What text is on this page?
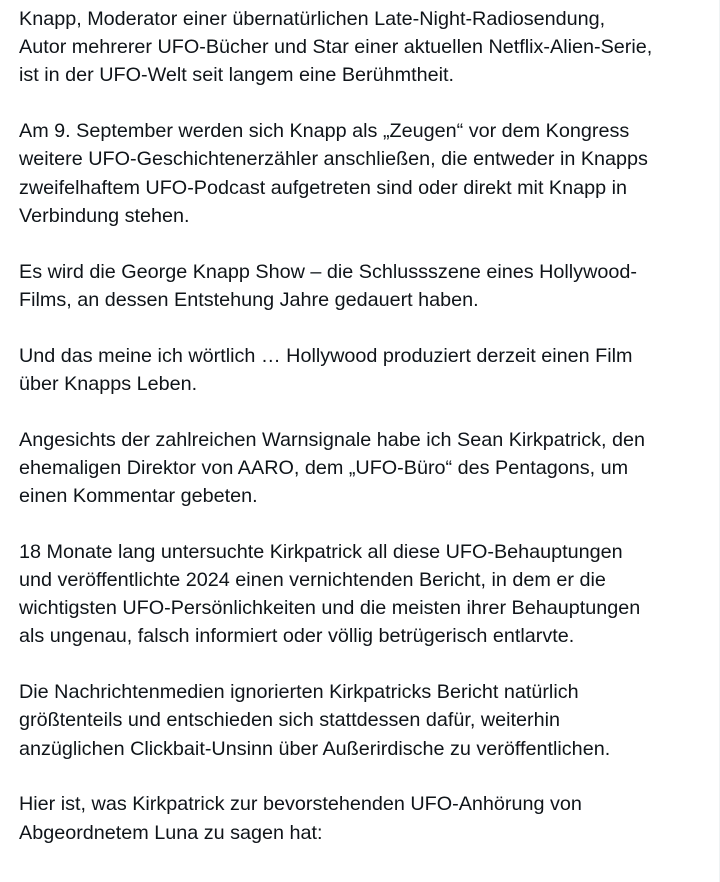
Knapp, Moderator einer übernatürlichen Late-Night-Radiosendung,
Autor mehrerer UFO-Bücher und Star einer aktuellen Netflix-Alien-Serie,
ist in der UFO-Welt seit langem eine Berühmtheit.

Am 9. September werden sich Knapp als „Zeugen“ vor dem Kongress
weitere UFO-Geschichtenerzähler anschließen, die entweder in Knapps
zweifelhaftem UFO-Podcast aufgetreten sind oder direkt mit Knapp in
Verbindung stehen.

Es wird die George Knapp Show – die Schlussszene eines Hollywood-
Films, an dessen Entstehung Jahre gedauert haben.

Und das meine ich wörtlich … Hollywood produziert derzeit einen Film
über Knapps Leben.

Angesichts der zahlreichen Warnsignale habe ich Sean Kirkpatrick, den
ehemaligen Direktor von AARO, dem „UFO-Büro“ des Pentagons, um
einen Kommentar gebeten.

18 Monate lang untersuchte Kirkpatrick all diese UFO-Behauptungen
und veröffentlichte 2024 einen vernichtenden Bericht, in dem er die
wichtigsten UFO-Persönlichkeiten und die meisten ihrer Behauptungen
als ungenau, falsch informiert oder völlig betrügerisch entlarvte.

Die Nachrichtenmedien ignorierten Kirkpatricks Bericht natürlich
größtenteils und entschieden sich stattdessen dafür, weiterhin
anzüglichen Clickbait-Unsinn über Außerirdische zu veröffentlichen.

Hier ist, was Kirkpatrick zur bevorstehenden UFO-Anhörung von
Abgeordnetem Luna zu sagen hat:
